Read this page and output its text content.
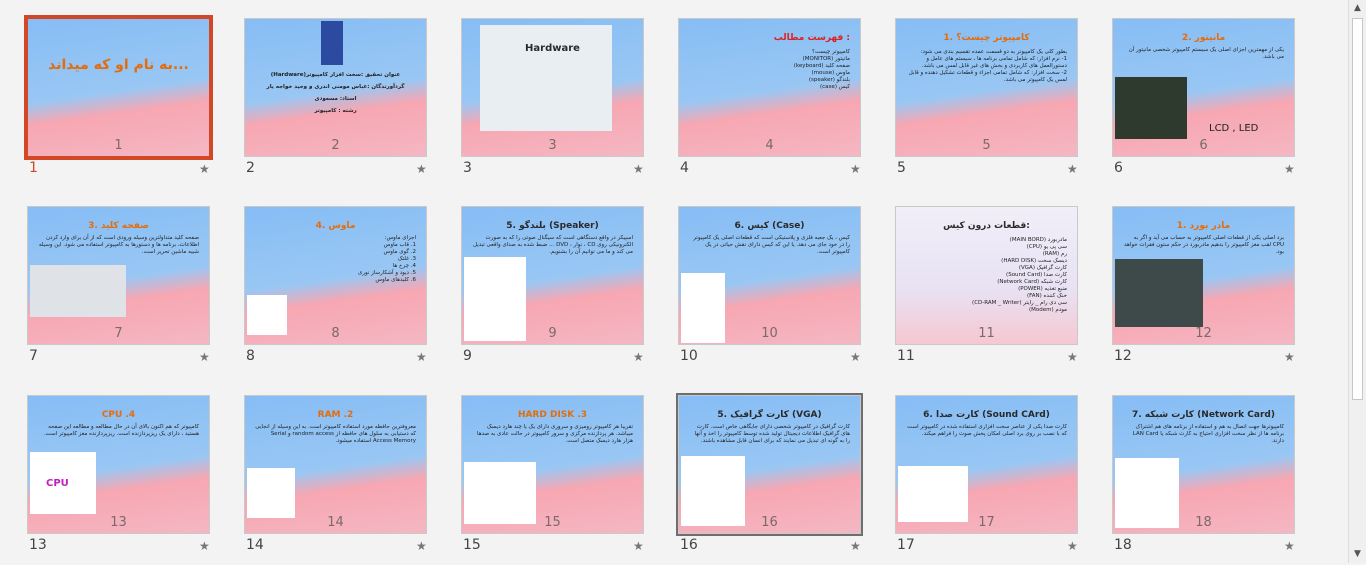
به نام او که میداند...
1
1	★
عنوان تحقیق :سخت افزار کامپیوتر(Hardware)
گردآورندگان :عباس مومنی اندری و وحید خواجه یار
استاد: مسعودی
رشته : کامپیوتر
2
2	★
Hardware
3
3	★
فهرست مطالب :
کامپیوتر چیست؟
مانیتور (MONITOR)
صفحه کلید (keyboard)
ماوس (mouse)
بلندگو (speaker)
کیس (case)
4
4	★
1. کامپیوتر چیست؟
بطور کلی یک کامپیوتر به دو قسمت عمده تقسیم بندی می شود:
1- نرم افزار: که شامل تمامی برنامه ها ، سیستم های عامل و دستورالعمل های کاربردی و بخش های غیر قابل لمس می باشد.
2- سخت افزار: که شامل تمامی اجزاء و قطعات تشکیل دهنده و قابل لمس یک کامپیوتر می باشد.
5
5	★
2. مانیتور
یکی از مهمترین اجزای اصلی یک سیستم کامپیوتر شخصی مانیتور آن می باشد.
LCD , LED
6
6	★
3. صفحه کلید
صفحه کلید متداولترین وسیله ورودی است که از آن برای وارد کردن اطلاعات، برنامه ها و دستورها به کامپیوتر استفاده می شود. این وسیله شبیه ماشین تحریر است.
7
7	★
4. ماوس
اجزای ماوس:
1. قاب ماوس
2. گوی ماوس
3. غلتک
4. چرخ ها
5. دیود و آشکارساز نوری
6. کلیدهای ماوس
8
8	★
5. بلندگو (Speaker)
اسپیکر در واقع دستگاهی است که سیگنال صوتی را که به صورت الکترونیکی روی CD ، نوار ، DVD ... ضبط شده به صدای واقعی تبدیل می کند و ما می توانیم آن را بشنویم.
9
9	★
6. کیس (Case)
کیس ، یک جعبه فلزی و پلاستیکی است که قطعات اصلی یک کامپیوتر را در خود جای می دهد. یا این که کیس دارای نقش حیاتی در یک کامپیوتر است.
10
10	★
قطعات درون کیس:
مادربورد (MAIN BORD)
سی پی یو (CPU)
رم (RAM)
دیسک سخت (HARD DISK)
کارت گرافیک (VGA)
کارت صدا (Sound Card)
کارت شبکه (Network Card)
منبع تغذیه (POWER)
خنک کننده (FAN)
سی دی رام _ رایتر (CD-RAM _ Writer)
مودم (Modem)
11
11	★
1. مادر بورد
برد اصلی یکی از قطعات اصلی کامپیوتر به حساب می آید و اگر به CPU لقب مغز کامپیوتر را بدهیم مادربورد در حکم ستون فقرات خواهد بود.
12
12	★
CPU .4
کامپیوتر که هم اکنون بالای آن در حال مطالعه و مطالعه این صفحه هستید ، دارای یک ریزپردازنده است. ریزپردازنده مغز کامپیوتر است.
CPU
13
13	★
RAM .2
معروفترین حافظه مورد استفاده کامپیوتر است. به این وسیله از انجایی که دستیابی به سلول های حافظه از random access و Serial Access Memory استفاده میشود.
14
14	★
HARD DISK .3
تقریبا هر کامپیوتر رومیزی و سروری دارای یک یا چند هارد دیسک میباشد. هر پردازنده مرکزی و سرور کامپیوتر در حالت عادی به صدها هزار هارد دیسک متصل است.
15
15	★
5. کارت گرافیک (VGA)
کارت گرافیک در کامپیوتر شخصی دارای جایگاهی خاص است. کارت های گرافیک اطلاعات دیجیتال تولید شده توسط کامپیوتر را اخذ و آنها را به گونه ای تبدیل می نمایند که برای انسان قابل مشاهده باشند.
16
16	★
6. کارت صدا (Sound CArd)
کارت صدا یکی از عناصر سخت افزاری استفاده شده در کامپیوتر است که با نصب بر روی برد اصلی امکان پخش صوت را فراهم میکند.
17
17	★
7. کارت شبکه (Network Card)
کامپیوترها جهت اتصال به هم و استفاده از برنامه های هم اشتراک برنامه ها از نظر سخت افزاری احتیاج به کارت شبکه یا LAN Card دارند.
18
18	★
▲
▼
